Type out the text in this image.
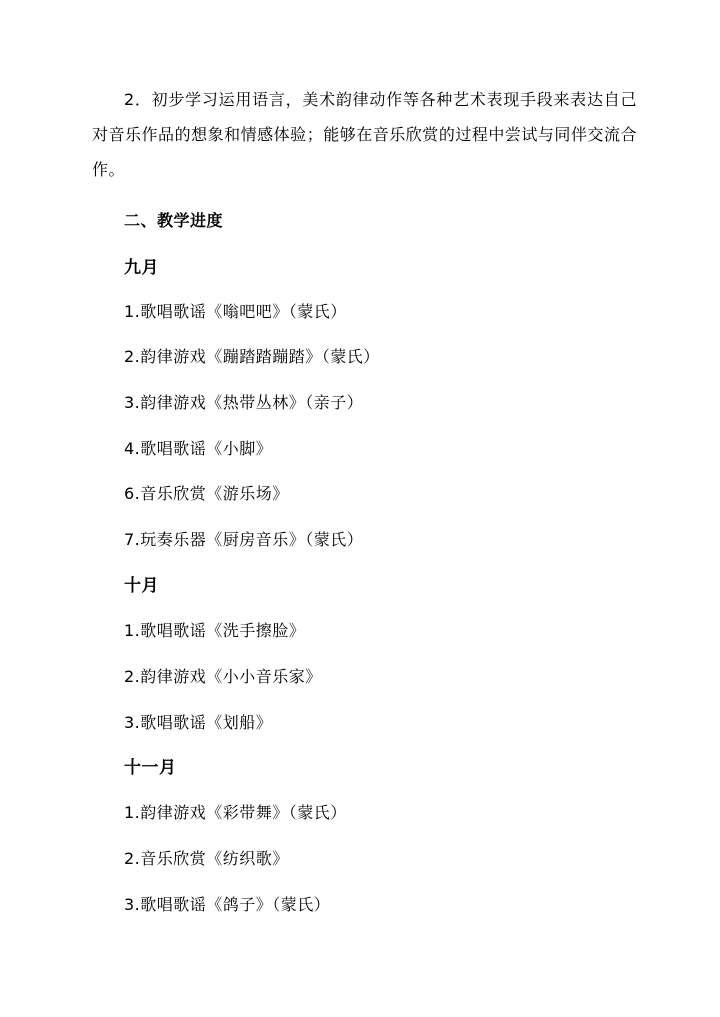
2．初步学习运用语言，美术韵律动作等各种艺术表现手段来表达自己对音乐作品的想象和情感体验；能够在音乐欣赏的过程中尝试与同伴交流合作。
二、教学进度
九月
1.歌唱歌谣《嗡吧吧》（蒙氏）
2.韵律游戏《蹦踏踏蹦踏》（蒙氏）
3.韵律游戏《热带丛林》（亲子）
4.歌唱歌谣《小脚》
6.音乐欣赏《游乐场》
7.玩奏乐器《厨房音乐》（蒙氏）
十月
1.歌唱歌谣《洗手擦脸》
2.韵律游戏《小小音乐家》
3.歌唱歌谣《划船》
十一月
1.韵律游戏《彩带舞》（蒙氏）
2.音乐欣赏《纺织歌》
3.歌唱歌谣《鸽子》（蒙氏）
